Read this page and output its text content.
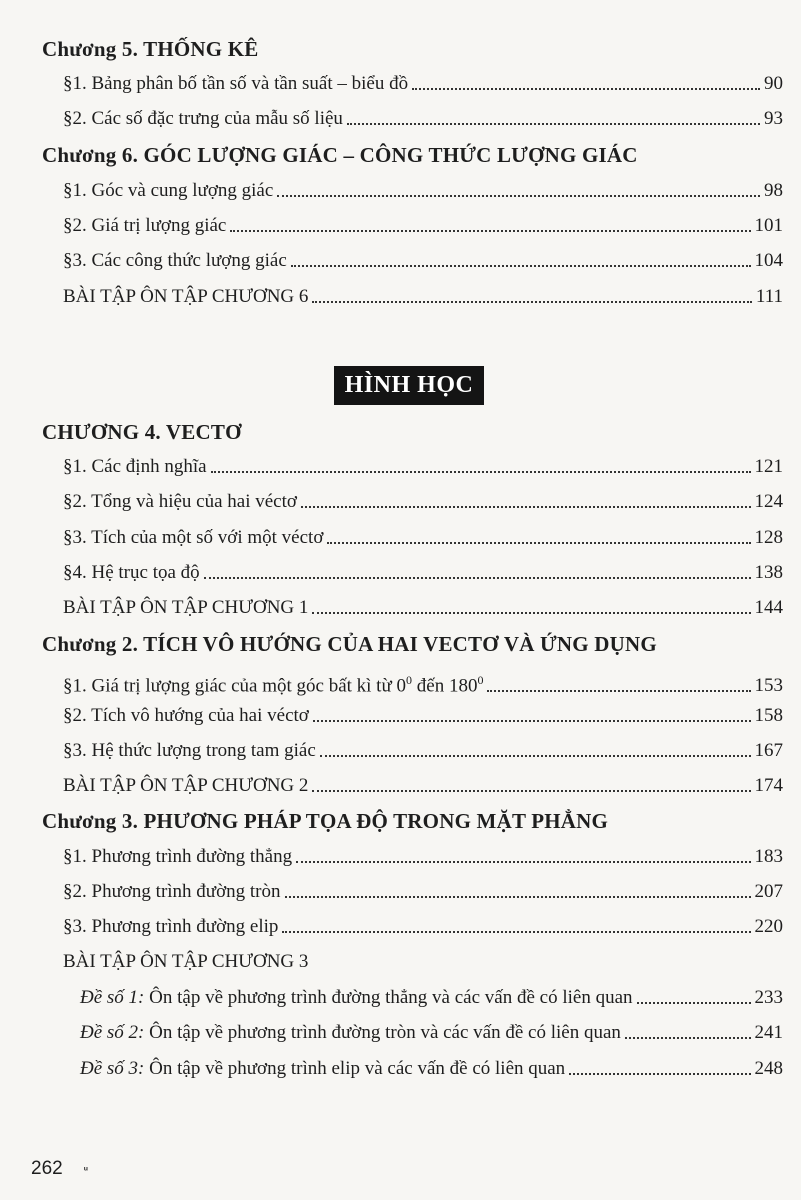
Chương 5. THỐNG KÊ
§1. Bảng phân bố tần số và tần suất – biểu đồ	90
§2. Các số đặc trưng của mẫu số liệu	93
Chương 6. GÓC LƯỢNG GIÁC – CÔNG THỨC LƯỢNG GIÁC
§1. Góc và cung lượng giác	98
§2. Giá trị lượng giác	101
§3. Các công thức lượng giác	104
BÀI TẬP ÔN TẬP CHƯƠNG 6	111
HÌNH HỌC
CHƯƠNG 4. VECTƠ
§1. Các định nghĩa	121
§2. Tổng và hiệu của hai véctơ	124
§3. Tích của một số với một véctơ	128
§4. Hệ trục tọa độ	138
BÀI TẬP ÔN TẬP CHƯƠNG 1	144
Chương 2. TÍCH VÔ HƯỚNG CỦA HAI VECTƠ VÀ ỨNG DỤNG
§1. Giá trị lượng giác của một góc bất kì từ $0^0$ đến $180^0$	153
§2. Tích vô hướng của hai véctơ	158
§3. Hệ thức lượng trong tam giác	167
BÀI TẬP ÔN TẬP CHƯƠNG 2	174
Chương 3. PHƯƠNG PHÁP TỌA ĐỘ TRONG MẶT PHẲNG
§1. Phương trình đường thẳng	183
§2. Phương trình đường tròn	207
§3. Phương trình đường elip	220
BÀI TẬP ÔN TẬP CHƯƠNG 3
Đề số 1: Ôn tập về phương trình đường thẳng và các vấn đề có liên quan	233
Đề số 2: Ôn tập về phương trình đường tròn và các vấn đề có liên quan	241
Đề số 3: Ôn tập về phương trình elip và các vấn đề có liên quan	248
262 ᵤ
